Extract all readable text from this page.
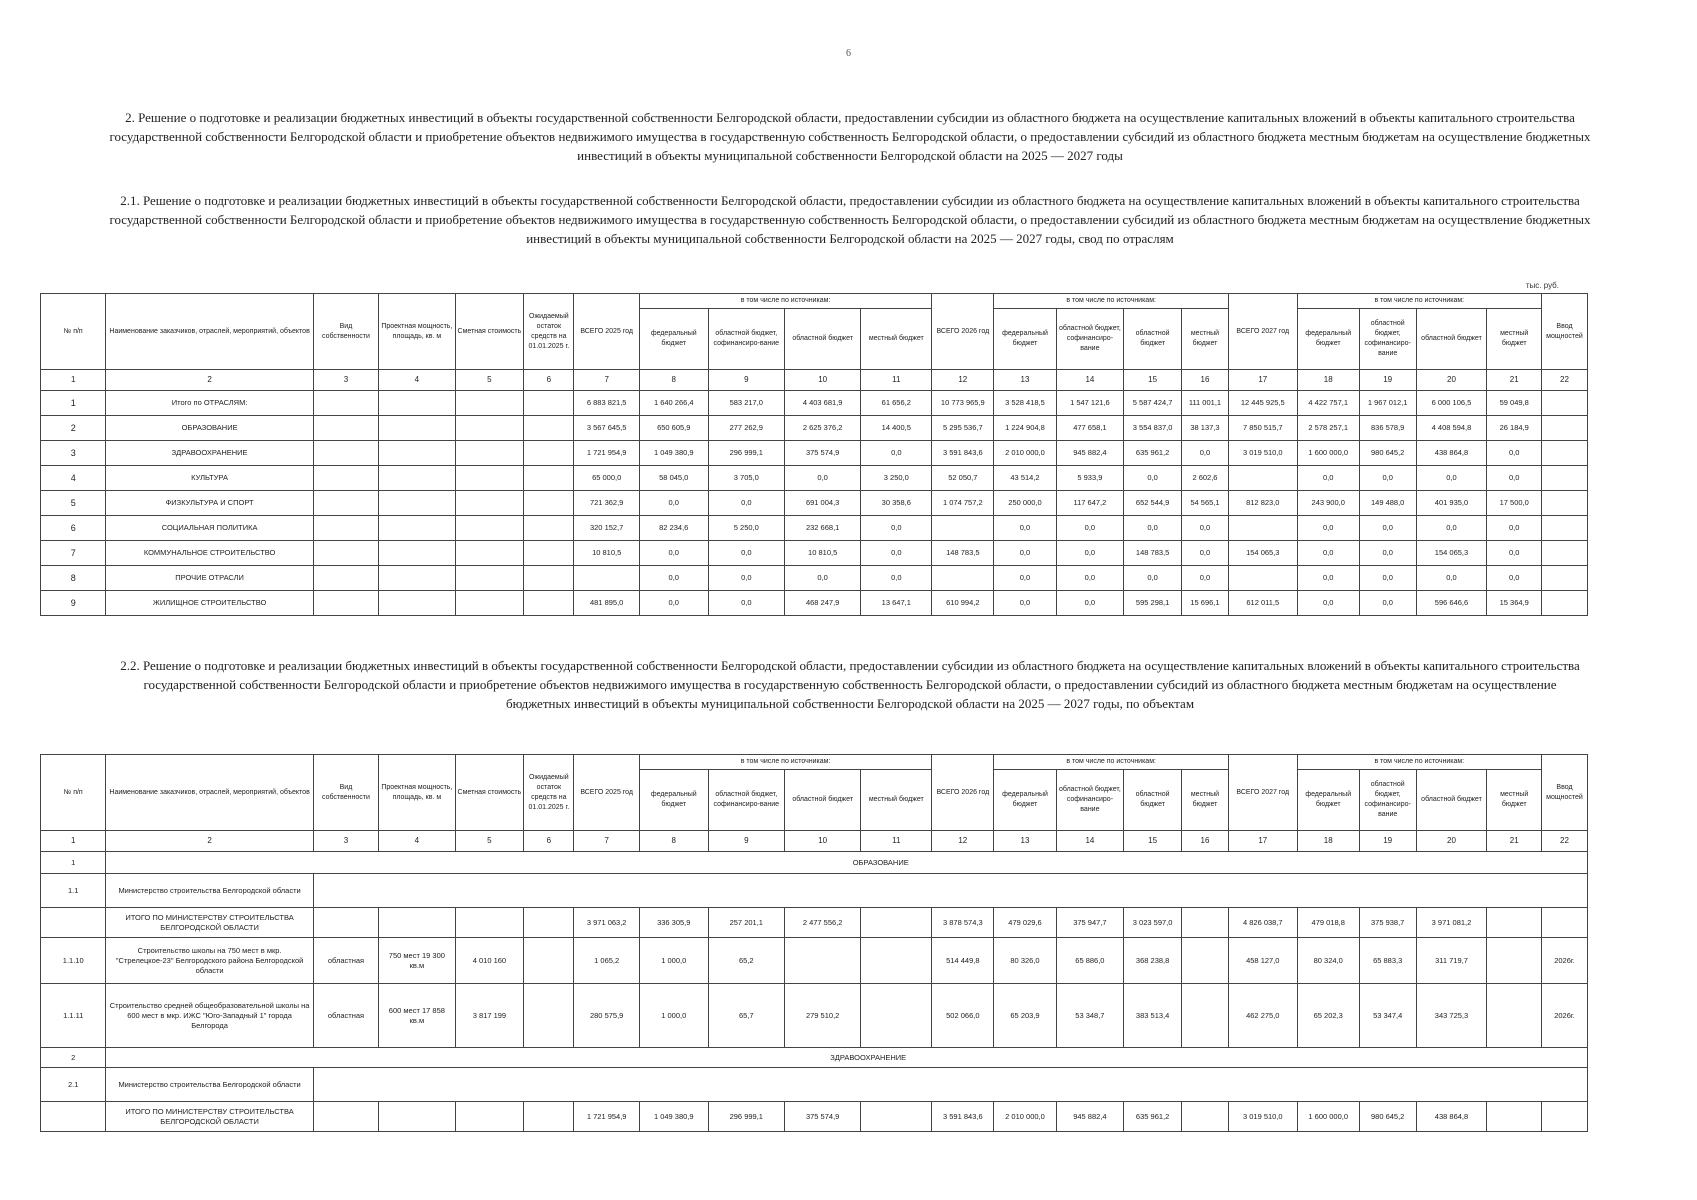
6
2. Решение о подготовке и реализации бюджетных инвестиций в объекты государственной собственности Белгородской области, предоставлении субсидии из областного бюджета на осуществление капитальных вложений в объекты капитального строительства государственной собственности Белгородской области и приобретение объектов недвижимого имущества в государственную собственность Белгородской области, о предоставлении субсидий из областного бюджета местным бюджетам на осуществление бюджетных инвестиций в объекты муниципальной собственности Белгородской области на 2025 — 2027 годы
2.1. Решение о подготовке и реализации бюджетных инвестиций в объекты государственной собственности Белгородской области, предоставлении субсидии из областного бюджета на осуществление капитальных вложений в объекты капитального строительства государственной собственности Белгородской области и приобретение объектов недвижимого имущества в государственную собственность Белгородской области, о предоставлении субсидий из областного бюджета местным бюджетам на осуществление бюджетных инвестиций в объекты муниципальной собственности Белгородской области на 2025 — 2027 годы, свод по отраслям
тыс. руб.
№ п/п	Наименование заказчиков, отраслей, мероприятий, объектов	Вид собственности	Проектная мощность, площадь, кв. м	Сметная стоимость	Ожидаемый остаток средств на 01.01.2025 г.	ВСЕГО 2025 год	в том числе по источникам:				ВСЕГО 2026 год	в том числе по источникам:				ВСЕГО 2027 год	в том числе по источникам:				Ввод мощностей
							федеральный бюджет	областной бюджет, софинансиро-вание	областной бюджет	местный бюджет		федеральный бюджет	областной бюджет, софинансиро-вание	областной бюджет	местный бюджет		федеральный бюджет	областной бюджет, софинансиро-вание	областной бюджет	местный бюджет	
1	2	3	4	5	6	7	8	9	10	11	12	13	14	15	16	17	18	19	20	21	22
1	Итого по ОТРАСЛЯМ:					6 883 821,5	1 640 266,4	583 217,0	4 403 681,9	61 656,2	10 773 965,9	3 528 418,5	1 547 121,6	5 587 424,7	111 001,1	12 445 925,5	4 422 757,1	1 967 012,1	6 000 106,5	59 049,8	
2	ОБРАЗОВАНИЕ					3 567 645,5	650 605,9	277 262,9	2 625 376,2	14 400,5	5 295 536,7	1 224 904,8	477 658,1	3 554 837,0	38 137,3	7 850 515,7	2 578 257,1	836 578,9	4 408 594,8	26 184,9	
3	ЗДРАВООХРАНЕНИЕ					1 721 954,9	1 049 380,9	296 999,1	375 574,9	0,0	3 591 843,6	2 010 000,0	945 882,4	635 961,2	0,0	3 019 510,0	1 600 000,0	980 645,2	438 864,8	0,0	
4	КУЛЬТУРА					65 000,0	58 045,0	3 705,0	0,0	3 250,0	52 050,7	43 514,2	5 933,9	0,0	2 602,6		0,0	0,0	0,0	0,0	
5	ФИЗКУЛЬТУРА И СПОРТ					721 362,9	0,0	0,0	691 004,3	30 358,6	1 074 757,2	250 000,0	117 647,2	652 544,9	54 565,1	812 823,0	243 900,0	149 488,0	401 935,0	17 500,0	
6	СОЦИАЛЬНАЯ ПОЛИТИКА					320 152,7	82 234,6	5 250,0	232 668,1	0,0		0,0	0,0	0,0	0,0		0,0	0,0	0,0	0,0	
7	КОММУНАЛЬНОЕ СТРОИТЕЛЬСТВО					10 810,5	0,0	0,0	10 810,5	0,0	148 783,5	0,0	0,0	148 783,5	0,0	154 065,3	0,0	0,0	154 065,3	0,0	
8	ПРОЧИЕ ОТРАСЛИ						0,0	0,0	0,0	0,0		0,0	0,0	0,0	0,0		0,0	0,0	0,0	0,0	
9	ЖИЛИЩНОЕ СТРОИТЕЛЬСТВО					481 895,0	0,0	0,0	468 247,9	13 647,1	610 994,2	0,0	0,0	595 298,1	15 696,1	612 011,5	0,0	0,0	596 646,6	15 364,9	
2.2. Решение о подготовке и реализации бюджетных инвестиций в объекты государственной собственности Белгородской области, предоставлении субсидии из областного бюджета на осуществление капитальных вложений в объекты капитального строительства государственной собственности Белгородской области и приобретение объектов недвижимого имущества в государственную собственность Белгородской области, о предоставлении субсидий из областного бюджета местным бюджетам на осуществление бюджетных инвестиций в объекты муниципальной собственности Белгородской области на 2025 — 2027 годы, по объектам
№ п/п	Наименование заказчиков, отраслей, мероприятий, объектов	Вид собственности	Проектная мощность, площадь, кв. м	Сметная стоимость	Ожидаемый остаток средств на 01.01.2025 г.	ВСЕГО 2025 год	в том числе по источникам:				ВСЕГО 2026 год	в том числе по источникам:				ВСЕГО 2027 год	в том числе по источникам:				Ввод мощностей
							федеральный бюджет	областной бюджет, софинансиро-вание	областной бюджет	местный бюджет		федеральный бюджет	областной бюджет, софинансиро-вание	областной бюджет	местный бюджет		федеральный бюджет	областной бюджет, софинансиро-вание	областной бюджет	местный бюджет	
1	2	3	4	5	6	7	8	9	10	11	12	13	14	15	16	17	18	19	20	21	22
1	ОБРАЗОВАНИЕ																				
1.1	Министерство строительства Белгородской области																				
	ИТОГО ПО МИНИСТЕРСТВУ СТРОИТЕЛЬСТВА БЕЛГОРОДСКОЙ ОБЛАСТИ					3 971 063,2	336 305,9	257 201,1	2 477 556,2		3 878 574,3	479 029,6	375 947,7	3 023 597,0		4 826 038,7	479 018,8	375 938,7	3 971 081,2		
1.1.10	Строительство школы на 750 мест в мкр. "Стрелецкое-23" Белгородского района Белгородской области	областная	750 мест 19 300 кв.м	4 010 160		1 065,2	1 000,0	65,2			514 449,8	80 326,0	65 886,0	368 238,8		458 127,0	80 324,0	65 883,3	311 719,7		2026г.
1.1.11	Строительство средней общеобразовательной школы на 600 мест в мкр. ИЖС "Юго-Западный 1" города Белгорода	областная	600 мест 17 858 кв.м	3 817 199		280 575,9	1 000,0	65,7	279 510,2		502 066,0	65 203,9	53 348,7	383 513,4		462 275,0	65 202,3	53 347,4	343 725,3		2026г.
2	ЗДРАВООХРАНЕНИЕ																				
2.1	Министерство строительства Белгородской области																				
	ИТОГО ПО МИНИСТЕРСТВУ СТРОИТЕЛЬСТВА БЕЛГОРОДСКОЙ ОБЛАСТИ					1 721 954,9	1 049 380,9	296 999,1	375 574,9		3 591 843,6	2 010 000,0	945 882,4	635 961,2		3 019 510,0	1 600 000,0	980 645,2	438 864,8		
